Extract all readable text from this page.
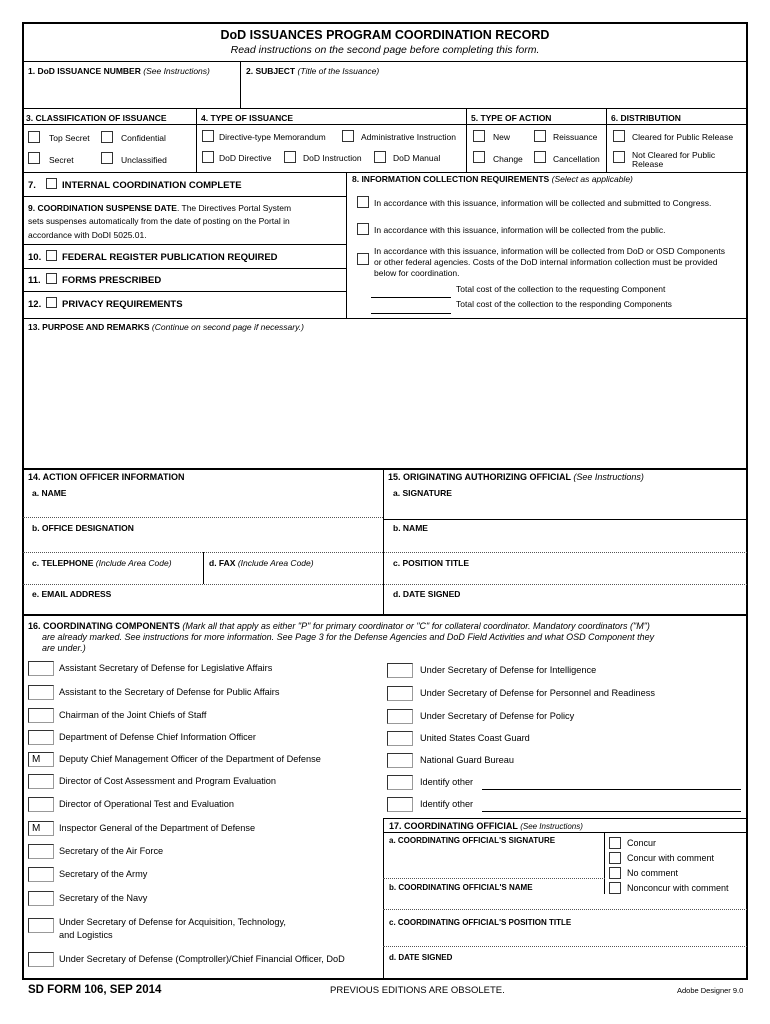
DoD ISSUANCES PROGRAM COORDINATION RECORD
Read instructions on the second page before completing this form.
1. DoD ISSUANCE NUMBER (See Instructions)	2. SUBJECT (Title of the Issuance)
3. CLASSIFICATION OF ISSUANCE	4. TYPE OF ISSUANCE	5. TYPE OF ACTION	6. DISTRIBUTION
Top Secret	Confidential
Secret	Unclassified
Directive-type Memorandum	Administrative Instruction
DoD Directive	DoD Instruction	DoD Manual
New	Reissuance
Change	Cancellation
Cleared for Public Release
Not Cleared for Public
Release
7.	INTERNAL COORDINATION COMPLETE
9. COORDINATION SUSPENSE DATE. The Directives Portal System
sets suspenses automatically from the date of posting on the Portal in
accordance with DoDI 5025.01.
10. FEDERAL REGISTER PUBLICATION REQUIRED
11. FORMS PRESCRIBED
12. PRIVACY REQUIREMENTS
8. INFORMATION COLLECTION REQUIREMENTS (Select as applicable)
In accordance with this issuance, information will be collected and submitted to Congress.
In accordance with this issuance, information will be collected from the public.
In accordance with this issuance, information will be collected from DoD or OSD Components
or other federal agencies. Costs of the DoD internal information collection must be provided
below for coordination.
Total cost of the collection to the requesting Component
Total cost of the collection to the responding Components
13. PURPOSE AND REMARKS (Continue on second page if necessary.)
14. ACTION OFFICER INFORMATION	15. ORIGINATING AUTHORIZING OFFICIAL (See Instructions)
a. NAME	a. SIGNATURE
b. OFFICE DESIGNATION	b. NAME
c. TELEPHONE (Include Area Code)	d. FAX (Include Area Code)	c. POSITION TITLE
e. EMAIL ADDRESS	d. DATE SIGNED
16. COORDINATING COMPONENTS (Mark all that apply as either "P" for primary coordinator or "C" for collateral coordinator. Mandatory coordinators ("M")
are already marked. See instructions for more information. See Page 3 for the Defense Agencies and DoD Field Activities and what OSD Component they
are under.)
Assistant Secretary of Defense for Legislative Affairs
Assistant to the Secretary of Defense for Public Affairs
Chairman of the Joint Chiefs of Staff
Department of Defense Chief Information Officer
M	Deputy Chief Management Officer of the Department of Defense
Director of Cost Assessment and Program Evaluation
Director of Operational Test and Evaluation
M	Inspector General of the Department of Defense
Secretary of the Air Force
Secretary of the Army
Secretary of the Navy
Under Secretary of Defense for Acquisition, Technology,
and Logistics
Under Secretary of Defense (Comptroller)/Chief Financial Officer, DoD
Under Secretary of Defense for Intelligence
Under Secretary of Defense for Personnel and Readiness
Under Secretary of Defense for Policy
United States Coast Guard
National Guard Bureau
Identify other
Identify other
17. COORDINATING OFFICIAL (See Instructions)
a. COORDINATING OFFICIAL'S SIGNATURE	Concur
Concur with comment
No comment
Nonconcur with comment
b. COORDINATING OFFICIAL'S NAME
c. COORDINATING OFFICIAL'S POSITION TITLE
d. DATE SIGNED
SD FORM 106, SEP 2014	PREVIOUS EDITIONS ARE OBSOLETE.	Adobe Designer 9.0
